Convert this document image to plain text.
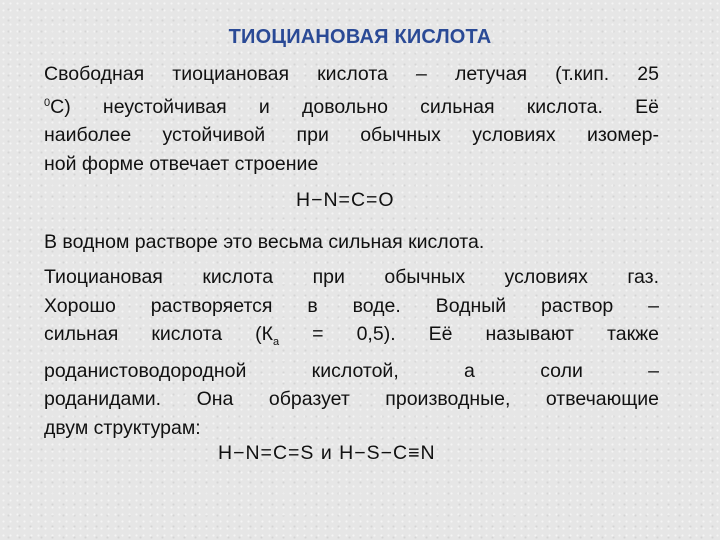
ТИОЦИАНОВАЯ КИСЛОТА
Свободная тиоциановая кислота – летучая (т.кип. 25
$^0$С) неустойчивая и довольно сильная кислота. Её
наиболее устойчивой при обычных условиях изомер-
ной форме отвечает строение
H−N=C=O
В водном растворе это весьма сильная кислота.
Тиоциановая кислота при обычных условиях газ.
Хорошо растворяется в воде. Водный раствор –
сильная кислота $(К_а = 0,5)$. Её называют также
роданистоводородной кислотой, а соли –
роданидами. Она образует производные, отвечающие
двум структурам:
H−N=C=S и H−S−C≡N
